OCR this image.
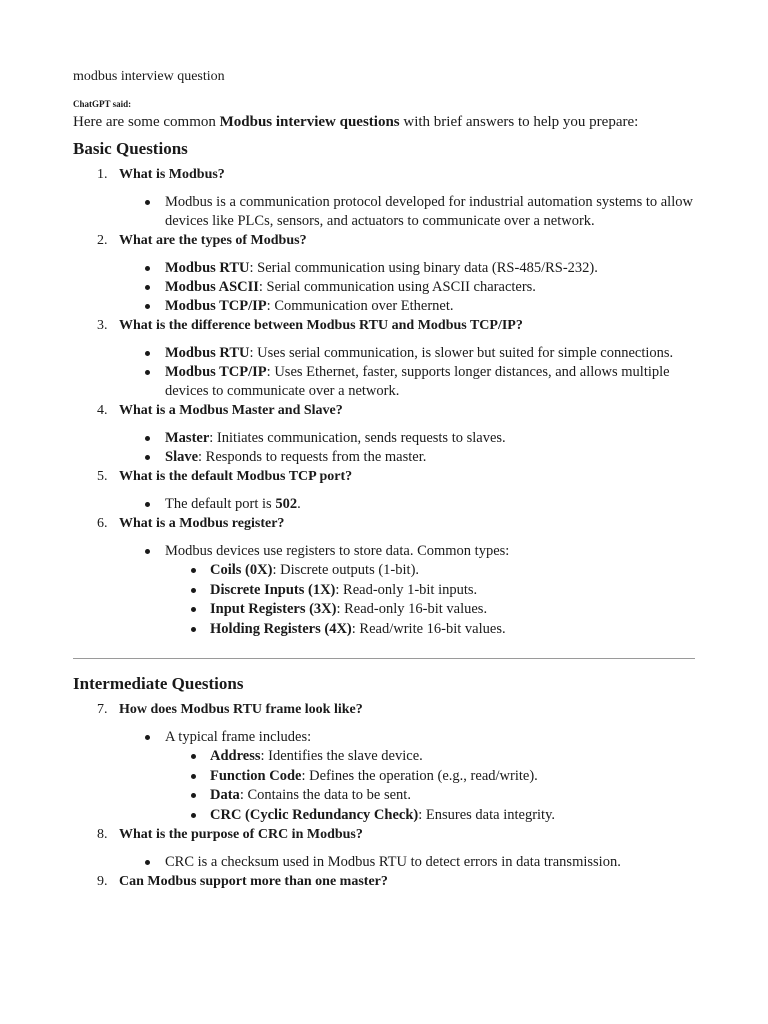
modbus interview question
ChatGPT said:
Here are some common Modbus interview questions with brief answers to help you prepare:
Basic Questions
1. What is Modbus?
Modbus is a communication protocol developed for industrial automation systems to allow devices like PLCs, sensors, and actuators to communicate over a network.
2. What are the types of Modbus?
Modbus RTU: Serial communication using binary data (RS-485/RS-232).
Modbus ASCII: Serial communication using ASCII characters.
Modbus TCP/IP: Communication over Ethernet.
3. What is the difference between Modbus RTU and Modbus TCP/IP?
Modbus RTU: Uses serial communication, is slower but suited for simple connections.
Modbus TCP/IP: Uses Ethernet, faster, supports longer distances, and allows multiple devices to communicate over a network.
4. What is a Modbus Master and Slave?
Master: Initiates communication, sends requests to slaves.
Slave: Responds to requests from the master.
5. What is the default Modbus TCP port?
The default port is 502.
6. What is a Modbus register?
Modbus devices use registers to store data. Common types:
Coils (0X): Discrete outputs (1-bit).
Discrete Inputs (1X): Read-only 1-bit inputs.
Input Registers (3X): Read-only 16-bit values.
Holding Registers (4X): Read/write 16-bit values.
Intermediate Questions
7. How does Modbus RTU frame look like?
A typical frame includes:
Address: Identifies the slave device.
Function Code: Defines the operation (e.g., read/write).
Data: Contains the data to be sent.
CRC (Cyclic Redundancy Check): Ensures data integrity.
8. What is the purpose of CRC in Modbus?
CRC is a checksum used in Modbus RTU to detect errors in data transmission.
9. Can Modbus support more than one master?
